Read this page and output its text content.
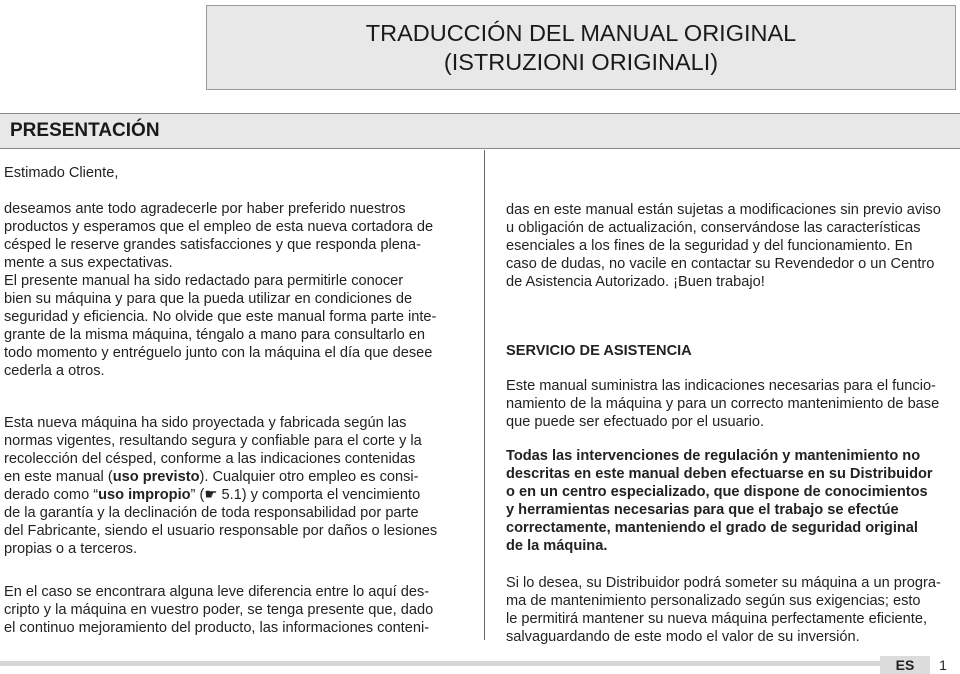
TRADUCCIÓN DEL MANUAL ORIGINAL
(ISTRUZIONI ORIGINALI)
PRESENTACIÓN

Estimado Cliente,

deseamos ante todo agradecerle por haber preferido nuestros

productos y esperamos que el empleo de esta nueva cortadora de

césped le reserve grandes satisfacciones y que responda plena-

mente a sus expectativas.

El presente manual ha sido redactado para permitirle conocer

bien su máquina y para que la pueda utilizar en condiciones de

seguridad y eficiencia. No olvide que este manual forma parte inte-

grante de la misma máquina, téngalo a mano para consultarlo en

todo momento y entréguelo junto con la máquina el día que desee

cederla a otros.

Esta nueva máquina ha sido proyectada y fabricada según las

normas vigentes, resultando segura y confiable para el corte y la

recolección del césped, conforme a las indicaciones contenidas

en este manual (uso previsto). Cualquier otro empleo es consi-

derado como “uso impropio” (☛ 5.1) y comporta el vencimiento

de la garantía y la declinación de toda responsabilidad por parte

del Fabricante, siendo el usuario responsable por daños o lesiones

propias o a terceros.

En el caso se encontrara alguna leve diferencia entre lo aquí des-

cripto y la máquina en vuestro poder, se tenga presente que, dado

el continuo mejoramiento del producto, las informaciones conteni-

das en este manual están sujetas a modificaciones sin previo aviso

u obligación de actualización, conservándose las características

esenciales a los fines de la seguridad y del funcionamiento. En

caso de dudas, no vacile en contactar su Revendedor o un Centro

de Asistencia Autorizado. ¡Buen trabajo!

SERVICIO DE ASISTENCIA

Este manual suministra las indicaciones necesarias para el funcio-

namiento de la máquina y para un correcto mantenimiento de base

que puede ser efectuado por el usuario.

Todas las intervenciones de regulación y mantenimiento no

descritas en este manual deben efectuarse en su Distribuidor

o en un centro especializado, que dispone de conocimientos

y herramientas necesarias para que el trabajo se efectúe

correctamente, manteniendo el grado de seguridad original

de la máquina.

Si lo desea, su Distribuidor podrá someter su máquina a un progra-

ma de mantenimiento personalizado según sus exigencias; esto

le permitirá mantener su nueva máquina perfectamente eficiente,

salvaguardando de este modo el valor de su inversión.

ES	1
